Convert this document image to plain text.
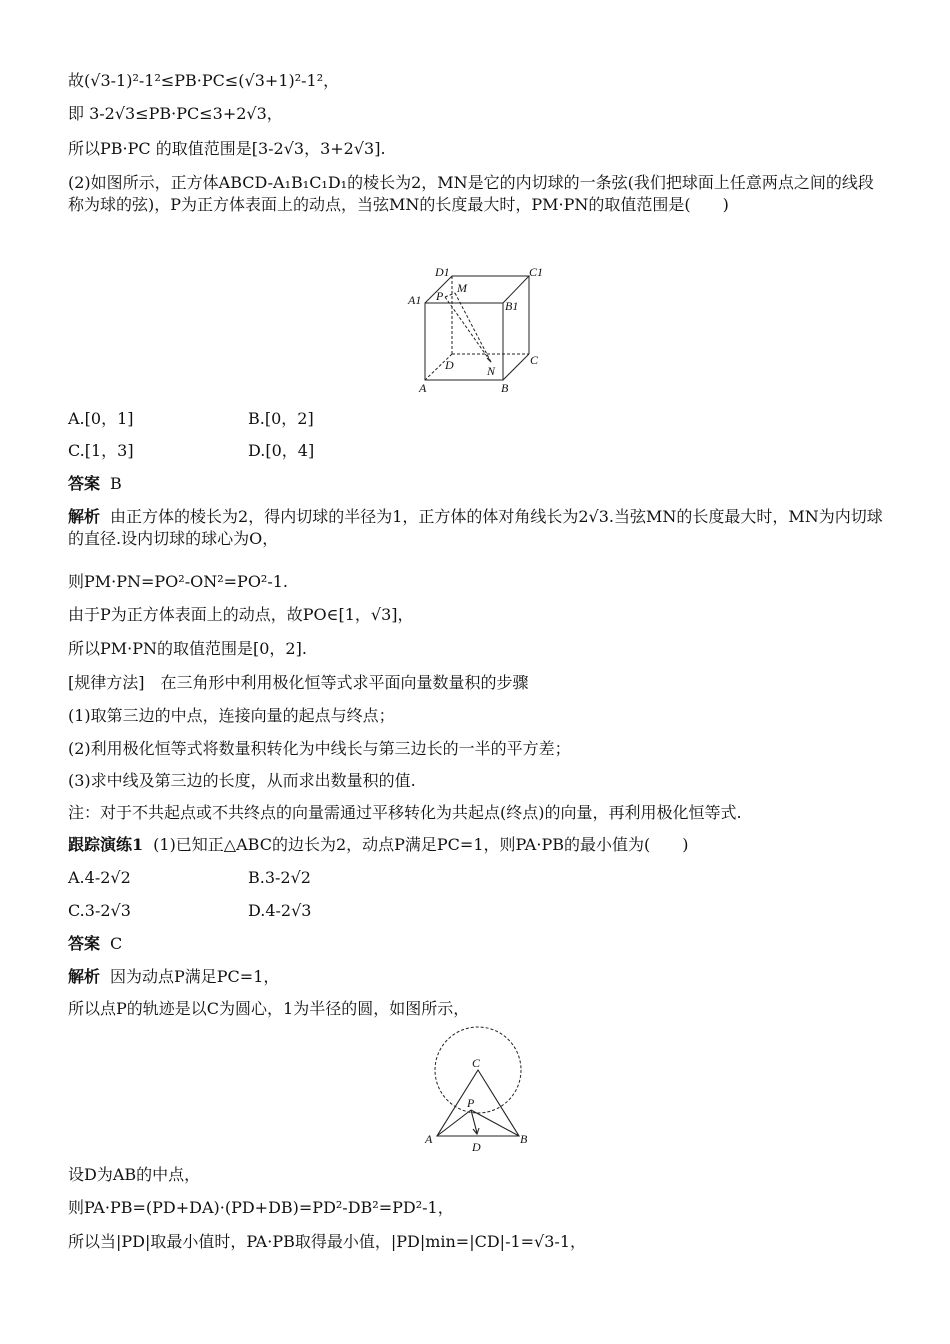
故(√3-1)²-1²≤PB·PC≤(√3+1)²-1²，
即 3-2√3≤PB·PC≤3+2√3，
所以PB·PC 的取值范围是[3-2√3，3+2√3].
(2)如图所示，正方体ABCD-A₁B₁C₁D₁的棱长为2，MN是它的内切球的一条弦(我们把球面上任意两点之间的线段称为球的弦)，P为正方体表面上的动点，当弦MN的长度最大时，PM·PN的取值范围是(　　)
D1	C1
A1	B1
P
M
D	N
C
A	B
A.[0，1]	B.[0，2]
C.[1，3]	D.[0，4]
答案 B
解析 由正方体的棱长为2，得内切球的半径为1，正方体的体对角线长为2√3.当弦MN的长度最大时，MN为内切球的直径.设内切球的球心为O，
则PM·PN=PO²-ON²=PO²-1.
由于P为正方体表面上的动点，故PO∈[1，√3]，
所以PM·PN的取值范围是[0，2].
[规律方法]　在三角形中利用极化恒等式求平面向量数量积的步骤
(1)取第三边的中点，连接向量的起点与终点；
(2)利用极化恒等式将数量积转化为中线长与第三边长的一半的平方差；
(3)求中线及第三边的长度，从而求出数量积的值.
注：对于不共起点或不共终点的向量需通过平移转化为共起点(终点)的向量，再利用极化恒等式.
跟踪演练1 (1)已知正△ABC的边长为2，动点P满足PC=1，则PA·PB的最小值为(　　)
A.4-2√2	B.3-2√2
C.3-2√3	D.4-2√3
答案 C
解析 因为动点P满足PC=1，
所以点P的轨迹是以C为圆心，1为半径的圆，如图所示，
C
P
A	B
D
设D为AB的中点，
则PA·PB=(PD+DA)·(PD+DB)=PD²-DB²=PD²-1，
所以当|PD|取最小值时，PA·PB取得最小值，|PD|min=|CD|-1=√3-1，
